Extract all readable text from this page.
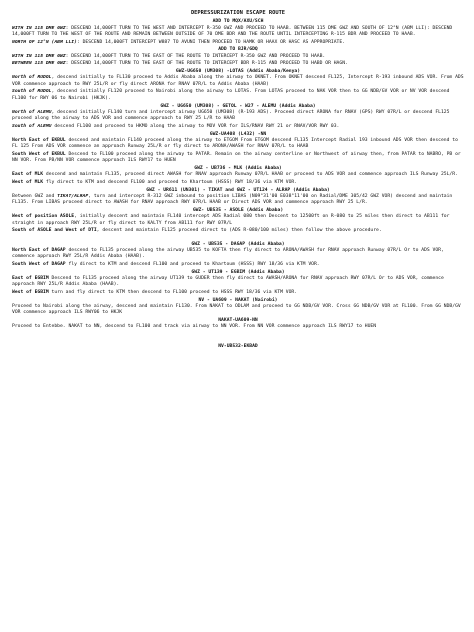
DEPRESSURIZATION ESCAPE ROUTE

ADD TO MQX/AXU/SCH

WITH IN 115 DME GWZ: DESCEND 14,000FT TURN TO THE WEST AND INTERCEPT R-350 GWZ AND PROCEED TO HAAB. BETWEEN 115 DME GWZ AND SOUTH OF 12°N (ABM LLI): DESCEND 14,000FT TURN TO THE WEST OF THE ROUTE AND REMAIN BETWEEN OUTSIDE OF 70 DME BDR AND THE ROUTE UNTIL INTERCEPTING R-115 BDR AND PROCEED TO HAAB.

NORTH OF 12°N (ABM LLI): DESCEND 14,000FT INTERCEPT W887 TO AVUNI THEN PROCEED TO HAMK OR HAAX OR HASC AS APPROPRIATE.

ADD TO BJR/GDQ

WITH IN 115 DME GWZ: DESCEND 14,000FT TURN TO THE EAST OF THE ROUTE TO INTERCEPT R-350 GWZ AND PROCEED TO HAAB.

BETWEEN 115 DME GWZ: DESCEND 14,000FT TURN TO THE EAST OF THE ROUTE TO INTERCEPT BDR R-115 AND PROCEED TO HABD OR HAGN.

GWZ-UG650 (UM308) -LOTAS (Addis Ababa/Kenya)

North of RUDOL, descend initially to FL130 proceed to Addis Ababa along the airway to OKNET. From OKNET descend FL125, Intercept R-193 inbound ADS VOR. From ADS VOR commence approach to RWY 25L/R or fly direct ARONA for RNAV 07R/L to Addis Ababa (HAAB)

South of RUDOL, descend initially FL120 proceed to Nairobi along the airway to LOTAS. From LOTAS proceed to NAK VOR then to GG NDB/GV VOR or NV VOR descend FL100 for RWY 06 to Nairobi (HKJK).

GWZ - UG650 (UM308) - GETOL - W27 - ALEMU (Addis Ababa)

North of ALEMU, descend initially FL140 turn and intercept airway UG650 (UM308) (R-193 ADS). Proceed direct ARONA for RNAV (GPS) RWY 07R/L or descend FL125 proceed along the airway to ADS VOR and commence approach to RWY 25 L/R to HAAB

South of ALEMU descend FL100 and proceed to HKMO along the airway to MOV VOR for ILS/RNAV RWY 21 or RNAV/VOR RWY 03.

GWZ-UA408 (L432) -NN

North East of EKBUL descend and maintain FL140 proceed along the airway to ETGOM From ETGOM descend FL135 Intercept Radial 193 inbound ADS VOR then descend to FL 125 From ADS VOR commence an approach Runway 25L/R or fly direct to ARONA/AWASH for RNAV 07R/L to HAAB

South West of EKBUL Descend to FL100 proceed along the airway to PATAR. Remain on the airway centerline or Northwest of airway then, from PATAR to NABRO, PB or NN VOR. From PB/NN VOR commence approach ILS RWY17 to HUEN

GWZ - UB736 - MLK (Addis Ababa)

East of MLK descend and maintain FL135, proceed direct AWASH for RNAV approach Runway 07R/L HAAB or proceed to ADS VOR and commence approach ILS Runway 25L/R.

West of MLK fly direct to KTM and descend FL100 and proceed to Khartoum (HSSS) RWY 18/36 via KTM VOR.

GWZ - UR611 (UN301) - TIKAT and GWZ - UT124 - ALRAP (Addis Ababa)

Between GWZ and TIKAT/ALRAP, turn and intercept R-312 GWZ inbound to position LIBAS (N09°31'00 E038°11'00 on Radial/DME 305/42 GWZ VOR) descend and maintain FL135. From LIBAS proceed direct to AWASH for RNAV approach RWY 07R/L HAAB or Direct ADS VOR and commence approach RWY 25 L/R.

GWZ- UB535 - ASOLE (Addis Ababa)

West of position ASOLE, initially descent and maintain FL140 intercept ADS Radial 080 then Descent to 12500ft on R-080 to 25 miles then direct to AB111 for straight in approach RWY 25L/R or fly direct to KALTY from AB111 for RWY 07R/L

South of ASOLE and West of DTI, descent and maintain FL125 proceed direct to (ADS R-080/100 miles) then follow the above procedure.

GWZ - UB535 - DAGAP (Addis Ababa)

North East of DAGAP descend to FL135 proceed along the airway UB535 to KOFTA then fly direct to ARONA/AWASH for RNAV approach Runway 07R/L Or to ADS VOR, commence approach RWY 25L/R Addis Ababa (HAAB).

South West of DAGAP fly direct to KTM and descend FL100 and proceed to Khartoum (HSSS) RWY 18/36 via KTM VOR.

GWZ - UT139 - EGBIM (Addis Ababa)

East of EGBIM Descend to FL135 proceed along the airway UT139 to GUDER then fly direct to AWASH/ARONA for RNAV approach RWY 07R/L Or to ADS VOR, commence approach RWY 25L/R Addis Ababa (HAAB).

West of EGBIM turn and fly direct to KTM then descend to FL100 proceed to HSSS RWY 18/36 via KTM VOR.

NV - UA609 - NAKAT (Nairobi)

Proceed to Nairobi along the airway, descend and maintain FL130. From NAKAT to ODLAM and proceed to GG NDB/GV VOR. Cross GG NDB/GV VOR at FL100. From GG NDB/GV VOR commence approach ILS RWY06 to HKJK

NAKAT-UA609-NN

Proceed to Entebbe. NAKAT to NN, descend to FL100 and track via airway to NN VOR. From NN VOR commence approach ILS RWY17 to HUEN

NV-UB532-EKBAD
